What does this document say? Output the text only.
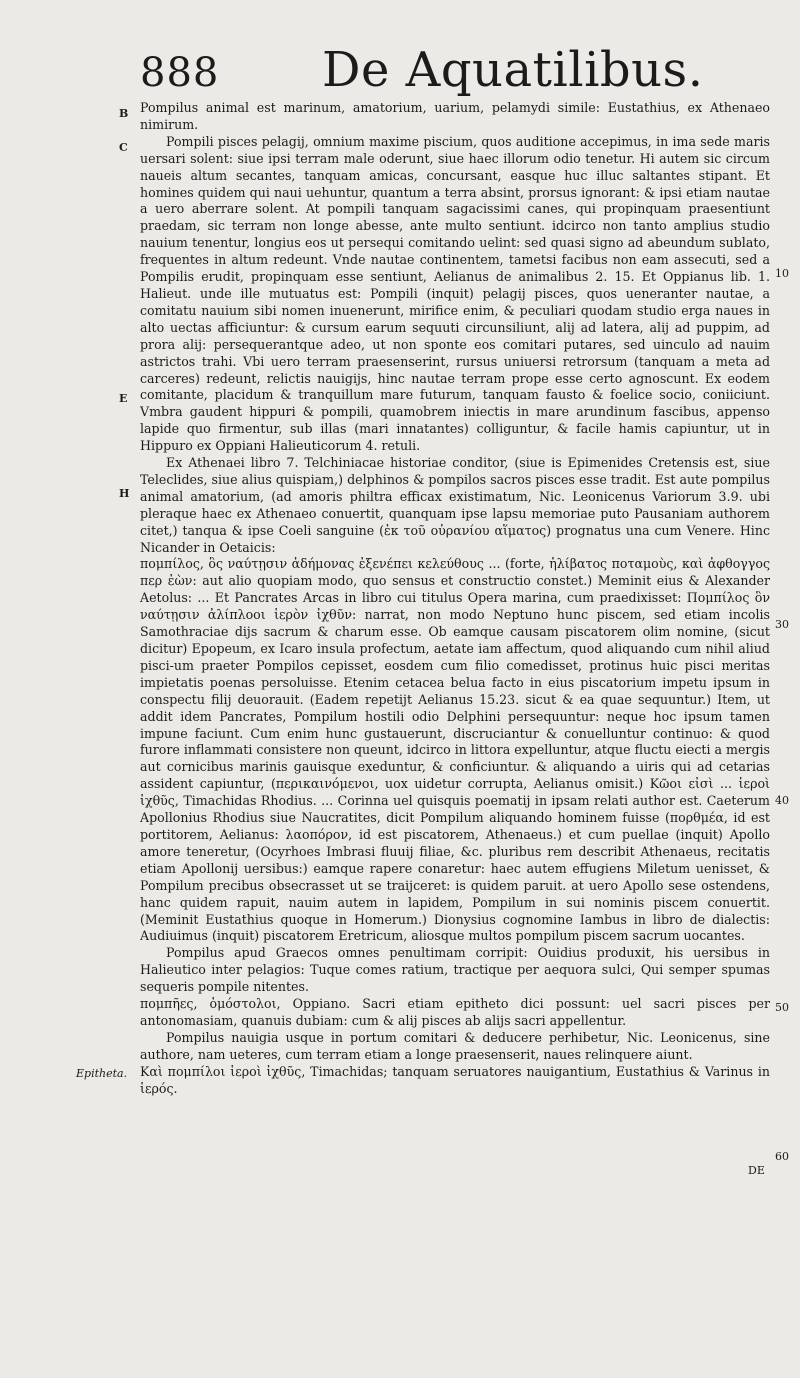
888 De Aquatilibus.
B
C
E
H
10
30
40
50
60
Epitheta.

Pompilus animal est marinum, amatorium, uarium, pelamydi simile: Eustathius, ex Athenaeo nimirum.

Pompili pisces pelagij, omnium maxime piscium, quos auditione accepimus, in ima sede maris uersari solent: siue ipsi terram male oderunt, siue haec illorum odio tenetur. Hi autem sic circum naueis altum secantes, tanquam amicas, concursant, easque huc illuc saltantes stipant. Et homines quidem qui naui uehuntur, quantum a terra absint, prorsus ignorant: & ipsi etiam nautae a uero aberrare solent. At pompili tanquam sagacissimi canes, qui propinquam praesentiunt praedam, sic terram non longe abesse, ante multo sentiunt. idcirco non tanto amplius studio nauium tenentur, longius eos ut persequi comitando uelint: sed quasi signo ad abeundum sublato, frequentes in altum redeunt. Vnde nautae continentem, tametsi facibus non eam assecuti, sed a Pompilis erudit, propinquam esse sentiunt, Aelianus de animalibus 2. 15. Et Oppianus lib. 1. Halieut. unde ille mutuatus est: Pompili (inquit) pelagij pisces, quos ueneranter nautae, a comitatu nauium sibi nomen inuenerunt, mirifice enim, & peculiari quodam studio erga naues in alto uectas afficiuntur: & cursum earum sequuti circunsiliunt, alij ad latera, alij ad puppim, ad prora alij: persequerantque adeo, ut non sponte eos comitari putares, sed uinculo ad nauim astrictos trahi. Vbi uero terram praesenserint, rursus uniuersi retrorsum (tanquam a meta ad carceres) redeunt, relictis nauigijs, hinc nautae terram prope esse certo agnoscunt. Ex eodem comitante, placidum & tranquillum mare futurum, tanquam fausto & foelice socio, coniiciunt. Vmbra gaudent hippuri & pompili, quamobrem iniectis in mare arundinum fascibus, appenso lapide quo firmentur, sub illas (mari innatantes) colliguntur, & facile hamis capiuntur, ut in Hippuro ex Oppiani Halieuticorum 4. retuli.

Ex Athenaei libro 7. Telchiniacae historiae conditor, (siue is Epimenides Cretensis est, siue Teleclides, siue alius quispiam,) delphinos & pompilos sacros pisces esse tradit. Est aute pompilus animal amatorium, (ad amoris philtra efficax existimatum, Nic. Leonicenus Variorum 3.9. ubi pleraque haec ex Athenaeo conuertit, quanquam ipse lapsu memoriae puto Pausaniam authorem citet,) tanqua & ipse Coeli sanguine (ἐκ τοῦ οὐρανίου αἵματος) prognatus una cum Venere. Hinc Nicander in Oetaicis:

πομπίλος, ὃς ναύτῃσιν ἀδήμονας ἐξενέπει κελεύθους ... (forte, ἡλίβατος ποταμοὺς, καὶ ἀφθογγος περ ἐὼν: aut alio quopiam modo, quo sensus et constructio constet.) Meminit eius & Alexander Aetolus: ... Et Pancrates Arcas in libro cui titulus Opera marina, cum praedixisset: Πομπίλος ὃν ναύτῃσιν ἀλίπλοοι ἱερὸν ἰχθῦν: narrat, non modo Neptuno hunc piscem, sed etiam incolis Samothraciae dijs sacrum & charum esse. Ob eamque causam piscatorem olim nomine, (sicut dicitur) Epopeum, ex Icaro insula profectum, aetate iam affectum, quod aliquando cum nihil aliud pisci-um praeter Pompilos cepisset, eosdem cum filio comedisset, protinus huic pisci meritas impietatis poenas persoluisse. Etenim cetacea belua facto in eius piscatorium impetu ipsum in conspectu filij deuorauit. (Eadem repetijt Aelianus 15.23. sicut & ea quae sequuntur.) Item, ut addit idem Pancrates, Pompilum hostili odio Delphini persequuntur: neque hoc ipsum tamen impune faciunt. Cum enim hunc gustauerunt, discruciantur & conuelluntur continuo: & quod furore inflammati consistere non queunt, idcirco in littora expelluntur, atque fluctu eiecti a mergis aut cornicibus marinis gauisque exeduntur, & conficiuntur. & aliquando a uiris qui ad cetarias assident capiuntur, (περικαινόμενοι, uox uidetur corrupta, Aelianus omisit.) Κῶοι εἰσὶ ... ἱεροὶ ἰχθῦς, Timachidas Rhodius. ... Corinna uel quisquis poematij in ipsam relati author est. Caeterum Apollonius Rhodius siue Naucratites, dicit Pompilum aliquando hominem fuisse (πορθμέα, id est portitorem, Aelianus: λαοπόρον, id est piscatorem, Athenaeus.) et cum puellae (inquit) Apollo amore teneretur, (Ocyrhoes Imbrasi fluuij filiae, &c. pluribus rem describit Athenaeus, recitatis etiam Apollonij uersibus:) eamque rapere conaretur: haec autem effugiens Miletum uenisset, & Pompilum precibus obsecrasset ut se traijceret: is quidem paruit. at uero Apollo sese ostendens, hanc quidem rapuit, nauim autem in lapidem, Pompilum in sui nominis piscem conuertit. (Meminit Eustathius quoque in Homerum.) Dionysius cognomine Iambus in libro de dialectis: Audiuimus (inquit) piscatorem Eretricum, aliosque multos pompilum piscem sacrum uocantes.

Pompilus apud Graecos omnes penultimam corripit: Ouidius produxit, his uersibus in Halieutico inter pelagios: Tuque comes ratium, tractique per aequora sulci, Qui semper spumas sequeris pompile nitentes.

πομπῆες, ὁμόστολοι, Oppiano. Sacri etiam epitheto dici possunt: uel sacri pisces per antonomasiam, quanuis dubiam: cum & alij pisces ab alijs sacri appellentur.

Pompilus nauigia usque in portum comitari & deducere perhibetur, Nic. Leonicenus, sine authore, nam ueteres, cum terram etiam a longe praesenserit, naues relinquere aiunt.

Καὶ πομπίλοι ἱεροὶ ἰχθῦς, Timachidas; tanquam seruatores nauigantium, Eustathius & Varinus in ἱερός.

DE
